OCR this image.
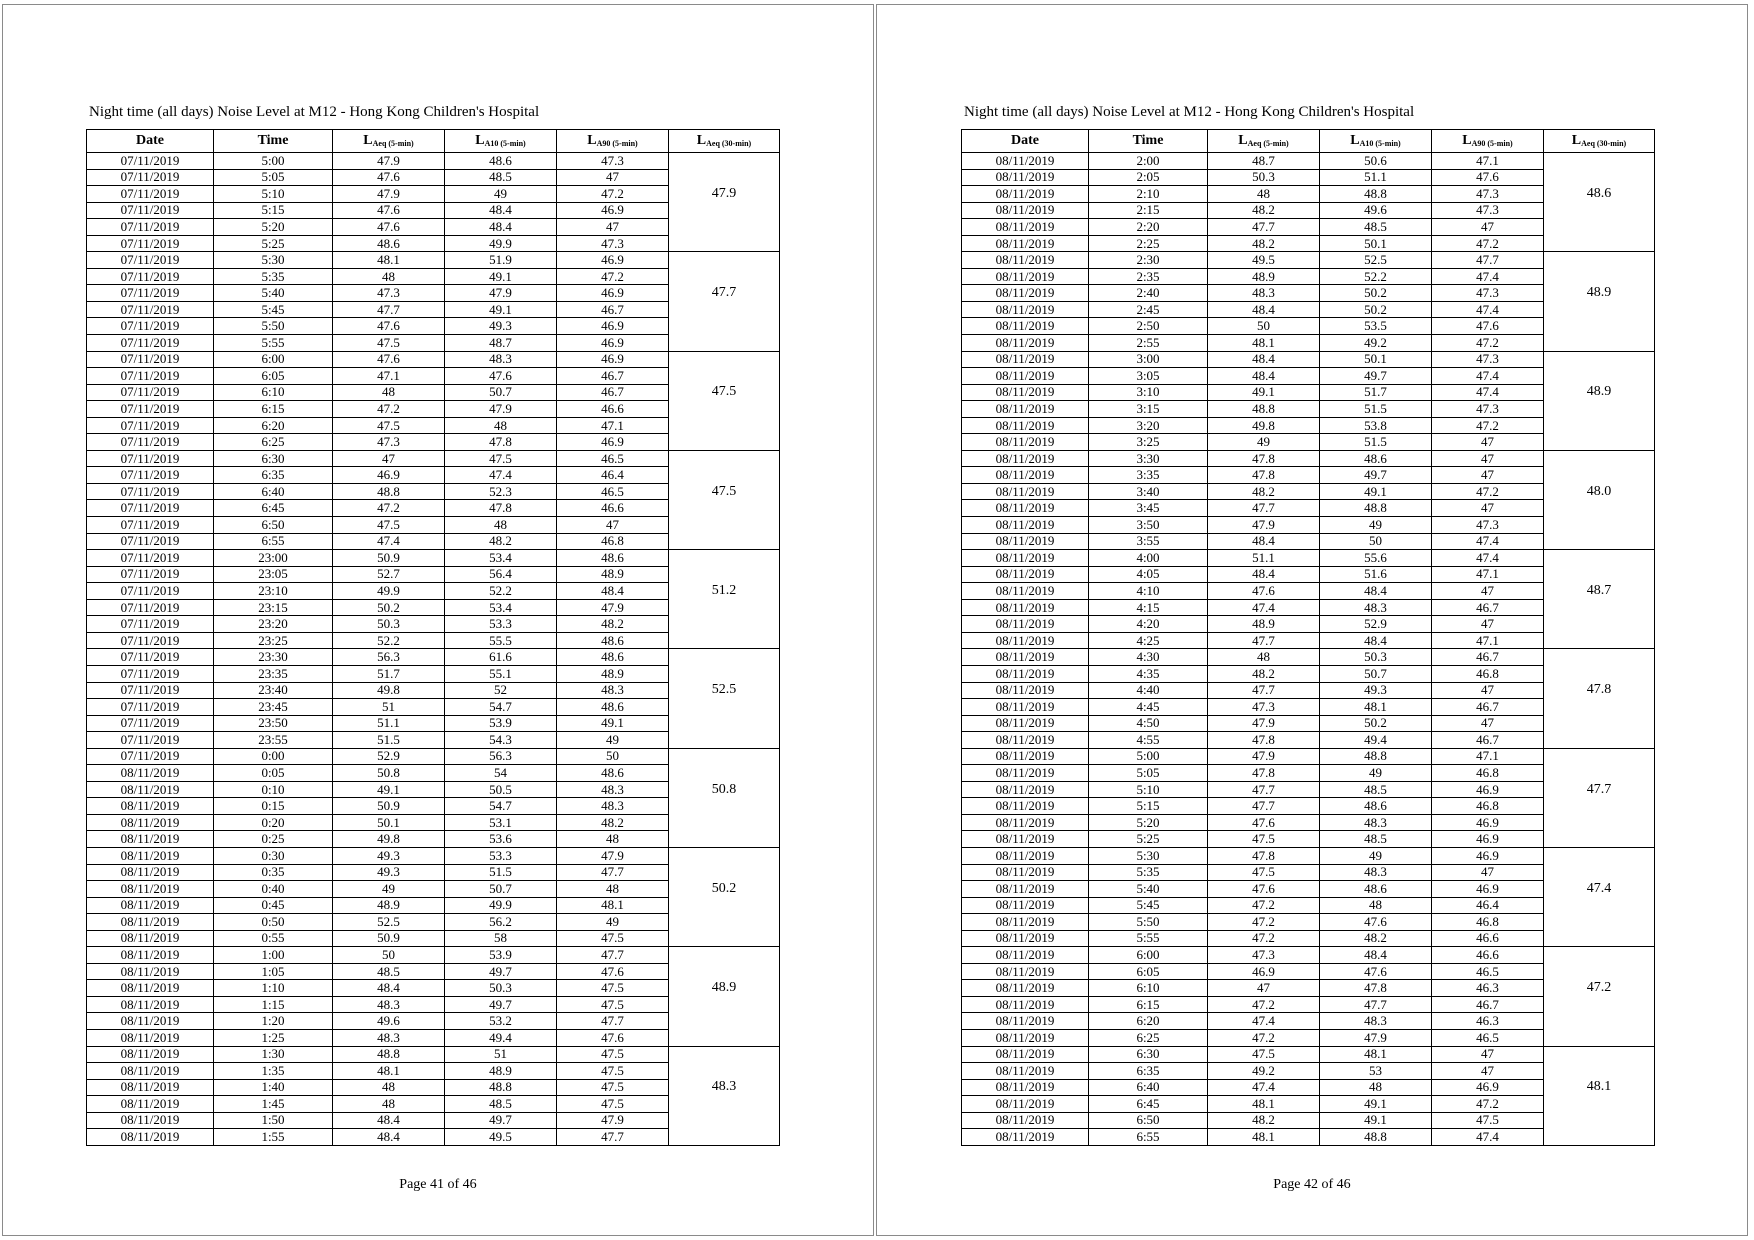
Night time (all days) Noise Level at M12 - Hong Kong Children's Hospital
Date	Time	$L_{Aeq (5-min)}$	$L_{A10 (5-min)}$	$L_{A90 (5-min)}$	$L_{Aeq (30-min)}$
07/11/2019	5:00	47.9	48.6	47.3	
07/11/2019	5:05	47.6	48.5	47	
07/11/2019	5:10	47.9	49	47.2	47.9
07/11/2019	5:15	47.6	48.4	46.9	
07/11/2019	5:20	47.6	48.4	47	
07/11/2019	5:25	48.6	49.9	47.3	
07/11/2019	5:30	48.1	51.9	46.9	
07/11/2019	5:35	48	49.1	47.2	
07/11/2019	5:40	47.3	47.9	46.9	47.7
07/11/2019	5:45	47.7	49.1	46.7	
07/11/2019	5:50	47.6	49.3	46.9	
07/11/2019	5:55	47.5	48.7	46.9	
07/11/2019	6:00	47.6	48.3	46.9	
07/11/2019	6:05	47.1	47.6	46.7	
07/11/2019	6:10	48	50.7	46.7	47.5
07/11/2019	6:15	47.2	47.9	46.6	
07/11/2019	6:20	47.5	48	47.1	
07/11/2019	6:25	47.3	47.8	46.9	
07/11/2019	6:30	47	47.5	46.5	
07/11/2019	6:35	46.9	47.4	46.4	
07/11/2019	6:40	48.8	52.3	46.5	47.5
07/11/2019	6:45	47.2	47.8	46.6	
07/11/2019	6:50	47.5	48	47	
07/11/2019	6:55	47.4	48.2	46.8	
07/11/2019	23:00	50.9	53.4	48.6	
07/11/2019	23:05	52.7	56.4	48.9	
07/11/2019	23:10	49.9	52.2	48.4	51.2
07/11/2019	23:15	50.2	53.4	47.9	
07/11/2019	23:20	50.3	53.3	48.2	
07/11/2019	23:25	52.2	55.5	48.6	
07/11/2019	23:30	56.3	61.6	48.6	
07/11/2019	23:35	51.7	55.1	48.9	
07/11/2019	23:40	49.8	52	48.3	52.5
07/11/2019	23:45	51	54.7	48.6	
07/11/2019	23:50	51.1	53.9	49.1	
07/11/2019	23:55	51.5	54.3	49	
07/11/2019	0:00	52.9	56.3	50	
08/11/2019	0:05	50.8	54	48.6	
08/11/2019	0:10	49.1	50.5	48.3	50.8
08/11/2019	0:15	50.9	54.7	48.3	
08/11/2019	0:20	50.1	53.1	48.2	
08/11/2019	0:25	49.8	53.6	48	
08/11/2019	0:30	49.3	53.3	47.9	
08/11/2019	0:35	49.3	51.5	47.7	
08/11/2019	0:40	49	50.7	48	50.2
08/11/2019	0:45	48.9	49.9	48.1	
08/11/2019	0:50	52.5	56.2	49	
08/11/2019	0:55	50.9	58	47.5	
08/11/2019	1:00	50	53.9	47.7	
08/11/2019	1:05	48.5	49.7	47.6	
08/11/2019	1:10	48.4	50.3	47.5	48.9
08/11/2019	1:15	48.3	49.7	47.5	
08/11/2019	1:20	49.6	53.2	47.7	
08/11/2019	1:25	48.3	49.4	47.6	
08/11/2019	1:30	48.8	51	47.5	
08/11/2019	1:35	48.1	48.9	47.5	
08/11/2019	1:40	48	48.8	47.5	48.3
08/11/2019	1:45	48	48.5	47.5	
08/11/2019	1:50	48.4	49.7	47.9	
08/11/2019	1:55	48.4	49.5	47.7	
Page 41 of 46
Night time (all days) Noise Level at M12 - Hong Kong Children's Hospital
Date	Time	$L_{Aeq (5-min)}$	$L_{A10 (5-min)}$	$L_{A90 (5-min)}$	$L_{Aeq (30-min)}$
08/11/2019	2:00	48.7	50.6	47.1	
08/11/2019	2:05	50.3	51.1	47.6	
08/11/2019	2:10	48	48.8	47.3	48.6
08/11/2019	2:15	48.2	49.6	47.3	
08/11/2019	2:20	47.7	48.5	47	
08/11/2019	2:25	48.2	50.1	47.2	
08/11/2019	2:30	49.5	52.5	47.7	
08/11/2019	2:35	48.9	52.2	47.4	
08/11/2019	2:40	48.3	50.2	47.3	48.9
08/11/2019	2:45	48.4	50.2	47.4	
08/11/2019	2:50	50	53.5	47.6	
08/11/2019	2:55	48.1	49.2	47.2	
08/11/2019	3:00	48.4	50.1	47.3	
08/11/2019	3:05	48.4	49.7	47.4	
08/11/2019	3:10	49.1	51.7	47.4	48.9
08/11/2019	3:15	48.8	51.5	47.3	
08/11/2019	3:20	49.8	53.8	47.2	
08/11/2019	3:25	49	51.5	47	
08/11/2019	3:30	47.8	48.6	47	
08/11/2019	3:35	47.8	49.7	47	
08/11/2019	3:40	48.2	49.1	47.2	48.0
08/11/2019	3:45	47.7	48.8	47	
08/11/2019	3:50	47.9	49	47.3	
08/11/2019	3:55	48.4	50	47.4	
08/11/2019	4:00	51.1	55.6	47.4	
08/11/2019	4:05	48.4	51.6	47.1	
08/11/2019	4:10	47.6	48.4	47	48.7
08/11/2019	4:15	47.4	48.3	46.7	
08/11/2019	4:20	48.9	52.9	47	
08/11/2019	4:25	47.7	48.4	47.1	
08/11/2019	4:30	48	50.3	46.7	
08/11/2019	4:35	48.2	50.7	46.8	
08/11/2019	4:40	47.7	49.3	47	47.8
08/11/2019	4:45	47.3	48.1	46.7	
08/11/2019	4:50	47.9	50.2	47	
08/11/2019	4:55	47.8	49.4	46.7	
08/11/2019	5:00	47.9	48.8	47.1	
08/11/2019	5:05	47.8	49	46.8	
08/11/2019	5:10	47.7	48.5	46.9	47.7
08/11/2019	5:15	47.7	48.6	46.8	
08/11/2019	5:20	47.6	48.3	46.9	
08/11/2019	5:25	47.5	48.5	46.9	
08/11/2019	5:30	47.8	49	46.9	
08/11/2019	5:35	47.5	48.3	47	
08/11/2019	5:40	47.6	48.6	46.9	47.4
08/11/2019	5:45	47.2	48	46.4	
08/11/2019	5:50	47.2	47.6	46.8	
08/11/2019	5:55	47.2	48.2	46.6	
08/11/2019	6:00	47.3	48.4	46.6	
08/11/2019	6:05	46.9	47.6	46.5	
08/11/2019	6:10	47	47.8	46.3	47.2
08/11/2019	6:15	47.2	47.7	46.7	
08/11/2019	6:20	47.4	48.3	46.3	
08/11/2019	6:25	47.2	47.9	46.5	
08/11/2019	6:30	47.5	48.1	47	
08/11/2019	6:35	49.2	53	47	
08/11/2019	6:40	47.4	48	46.9	48.1
08/11/2019	6:45	48.1	49.1	47.2	
08/11/2019	6:50	48.2	49.1	47.5	
08/11/2019	6:55	48.1	48.8	47.4	
Page 42 of 46
